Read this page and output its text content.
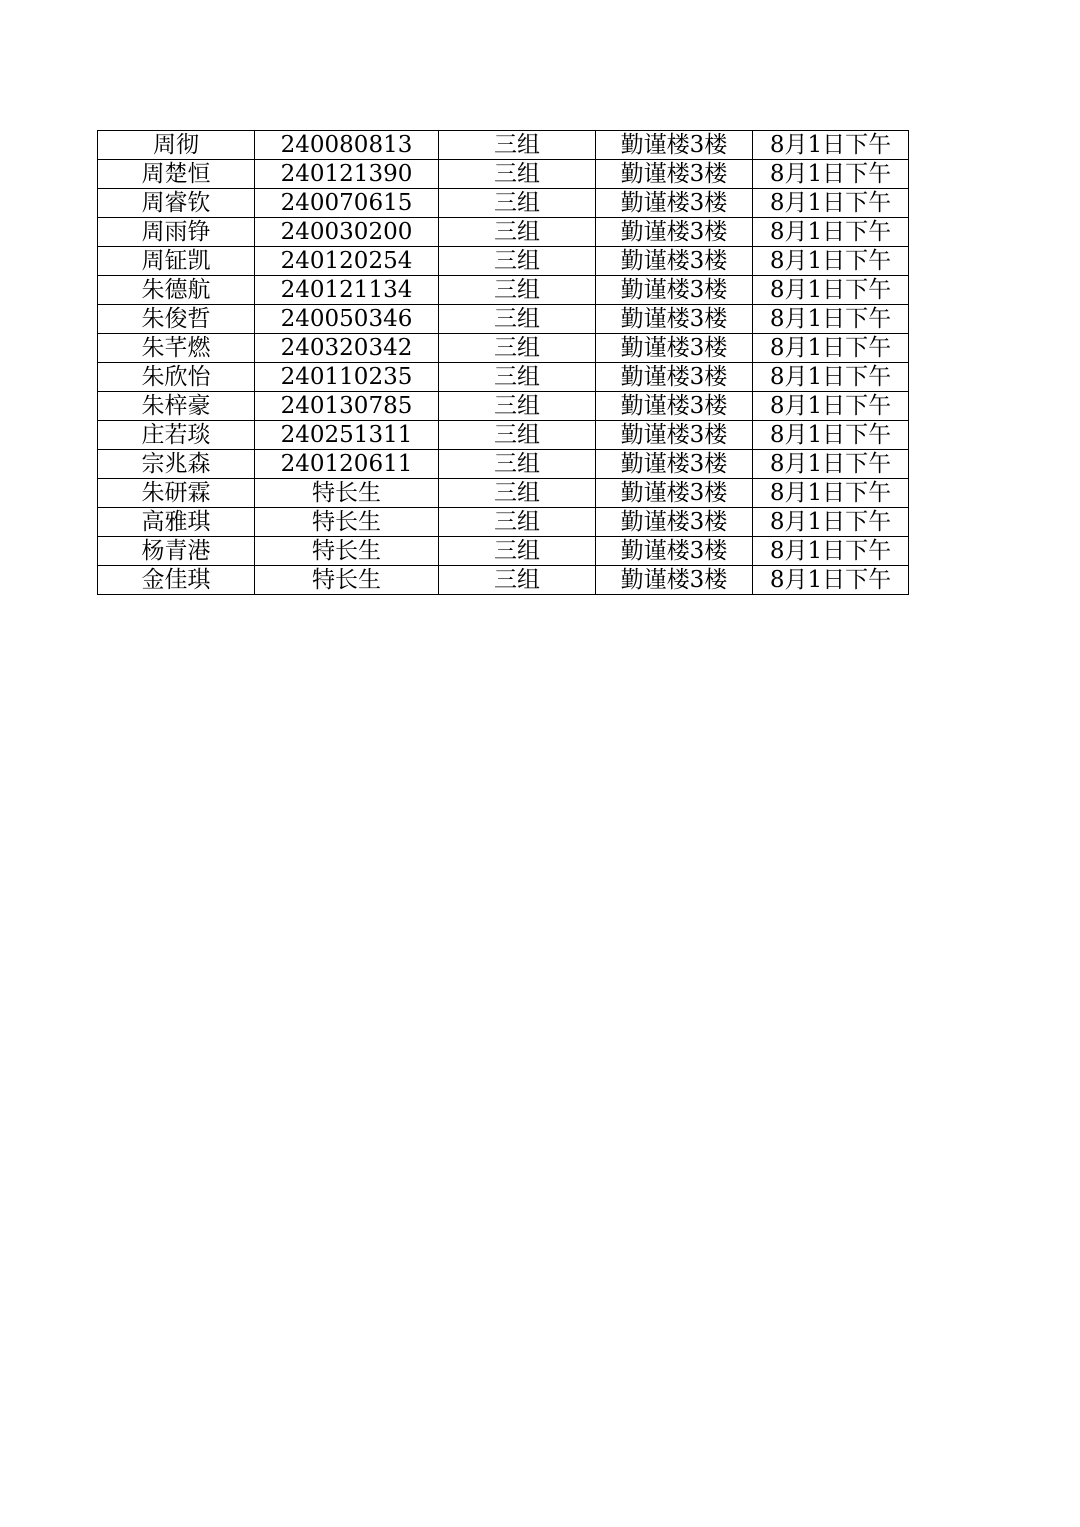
周彻	240080813	三组	勤谨楼3楼	8月1日下午
周楚恒	240121390	三组	勤谨楼3楼	8月1日下午
周睿钦	240070615	三组	勤谨楼3楼	8月1日下午
周雨铮	240030200	三组	勤谨楼3楼	8月1日下午
周钲凯	240120254	三组	勤谨楼3楼	8月1日下午
朱德航	240121134	三组	勤谨楼3楼	8月1日下午
朱俊哲	240050346	三组	勤谨楼3楼	8月1日下午
朱芊燃	240320342	三组	勤谨楼3楼	8月1日下午
朱欣怡	240110235	三组	勤谨楼3楼	8月1日下午
朱梓豪	240130785	三组	勤谨楼3楼	8月1日下午
庄若琰	240251311	三组	勤谨楼3楼	8月1日下午
宗兆森	240120611	三组	勤谨楼3楼	8月1日下午
朱研霖	特长生	三组	勤谨楼3楼	8月1日下午
高雅琪	特长生	三组	勤谨楼3楼	8月1日下午
杨青港	特长生	三组	勤谨楼3楼	8月1日下午
金佳琪	特长生	三组	勤谨楼3楼	8月1日下午
